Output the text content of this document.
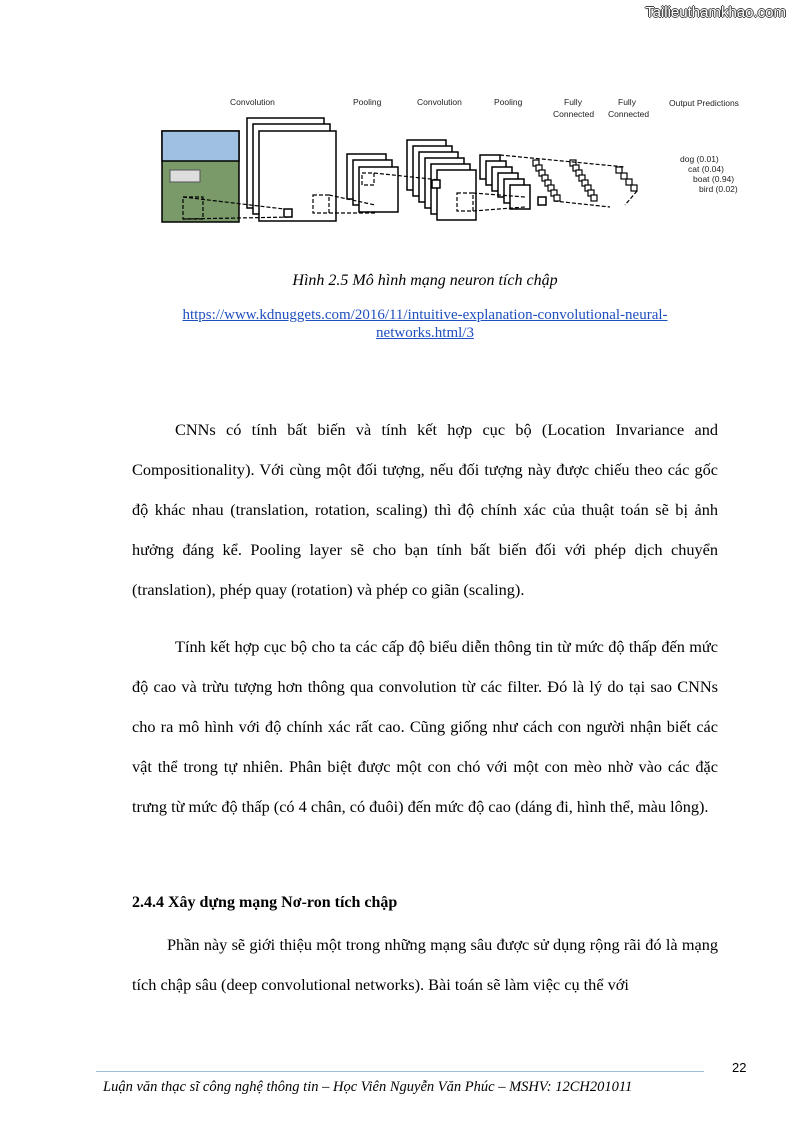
Tailieuthamkhao.com
Convolution	Pooling	Convolution	Pooling	Fully
Connected
Fully
Connected
Output Predictions
dog (0.01)
cat (0.04)
boat (0.94)
bird (0.02)
Hình 2.5 Mô hình mạng neuron tích chập
https://www.kdnuggets.com/2016/11/intuitive-explanation-convolutional-neural-networks.html/3

CNNs có tính bất biến và tính kết hợp cục bộ (Location Invariance and Compositionality). Với cùng một đối tượng, nếu đối tượng này được chiếu theo các gốc độ khác nhau (translation, rotation, scaling) thì độ chính xác của thuật toán sẽ bị ảnh hưởng đáng kể. Pooling layer sẽ cho bạn tính bất biến đối với phép dịch chuyển (translation), phép quay (rotation) và phép co giãn (scaling).

Tính kết hợp cục bộ cho ta các cấp độ biểu diễn thông tin từ mức độ thấp đến mức độ cao và trừu tượng hơn thông qua convolution từ các filter. Đó là lý do tại sao CNNs cho ra mô hình với độ chính xác rất cao. Cũng giống như cách con người nhận biết các vật thể trong tự nhiên. Phân biệt được một con chó với một con mèo nhờ vào các đặc trưng từ mức độ thấp (có 4 chân, có đuôi) đến mức độ cao (dáng đi, hình thể, màu lông).

2.4.4 Xây dựng mạng Nơ-ron tích chập

Phần này sẽ giới thiệu một trong những mạng sâu được sử dụng rộng rãi đó là mạng tích chập sâu (deep convolutional networks). Bài toán sẽ làm việc cụ thể với

22
Luận văn thạc sĩ công nghệ thông tin – Học Viên Nguyễn Văn Phúc – MSHV: 12CH201011
